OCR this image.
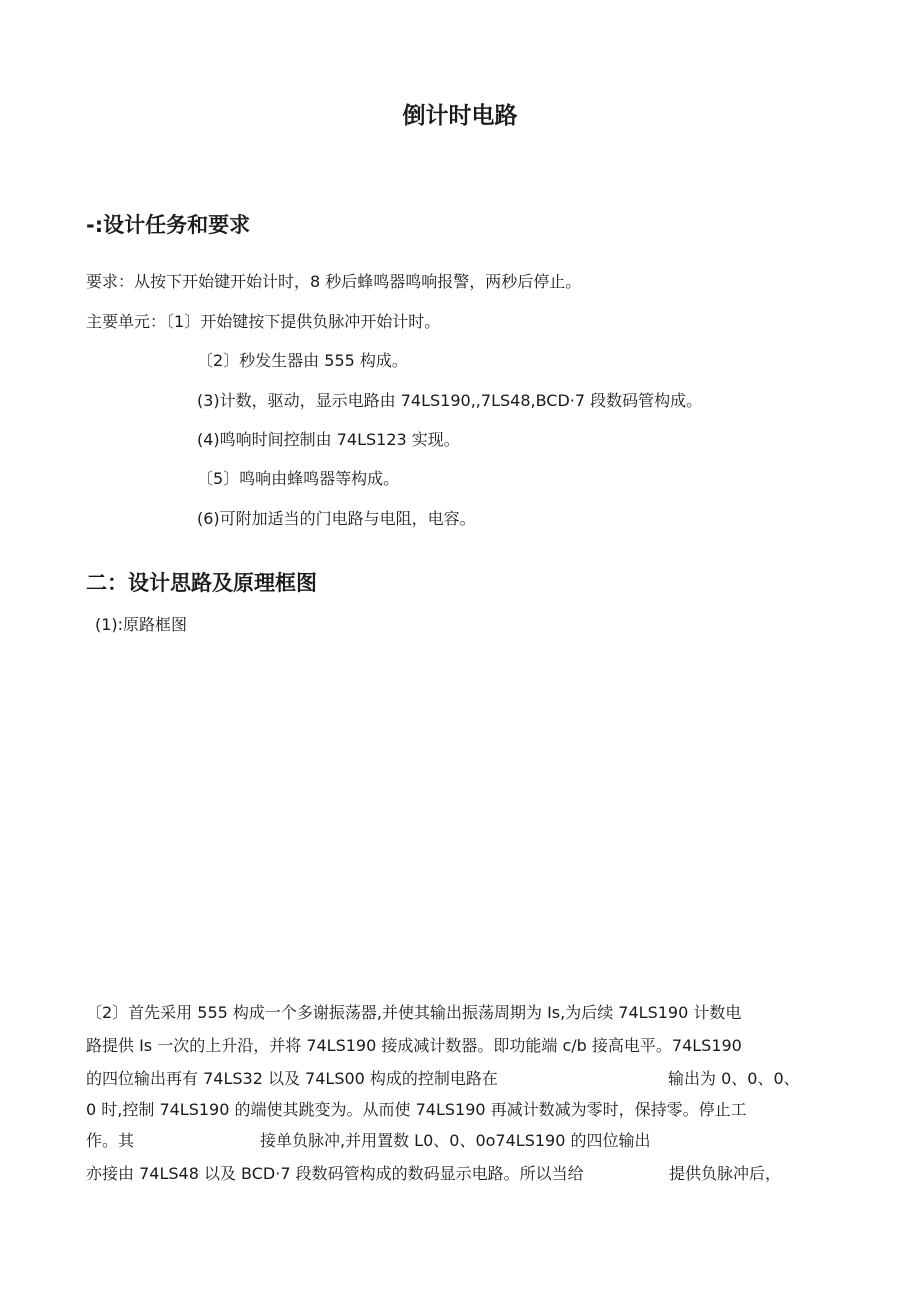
倒计时电路
-:设计任务和要求

要求：从按下开始键开始计时，8 秒后蜂鸣器鸣响报警，两秒后停止。

主要单元：〔1〕开始键按下提供负脉冲开始计时。

〔2〕秒发生器由 555 构成。

(3)计数，驱动，显示电路由 74LS190,,7LS48,BCD·7 段数码管构成。

(4)鸣响时间控制由 74LS123 实现。

〔5〕鸣响由蜂鸣器等构成。

(6)可附加适当的门电路与电阻，电容。

二：设计思路及原理框图

(1):原路框图

〔2〕首先采用 555 构成一个多谢振荡器,并使其输出振荡周期为 Is,为后续 74LS190 计数电

路提供 Is 一次的上升沿，并将 74LS190 接成减计数器。即功能端 c/b 接高电平。74LS190

的四位输出再有 74LS32 以及 74LS00 构成的控制电路在	输出为 0、0、0、

0 时,控制 74LS190 的端使其跳变为。从而使 74LS190 再减计数减为零时，保持零。停止工

作。其	接单负脉冲,并用置数 L0、0、0o74LS190 的四位输出

亦接由 74LS48 以及 BCD·7 段数码管构成的数码显示电路。所以当给	提供负脉冲后，
